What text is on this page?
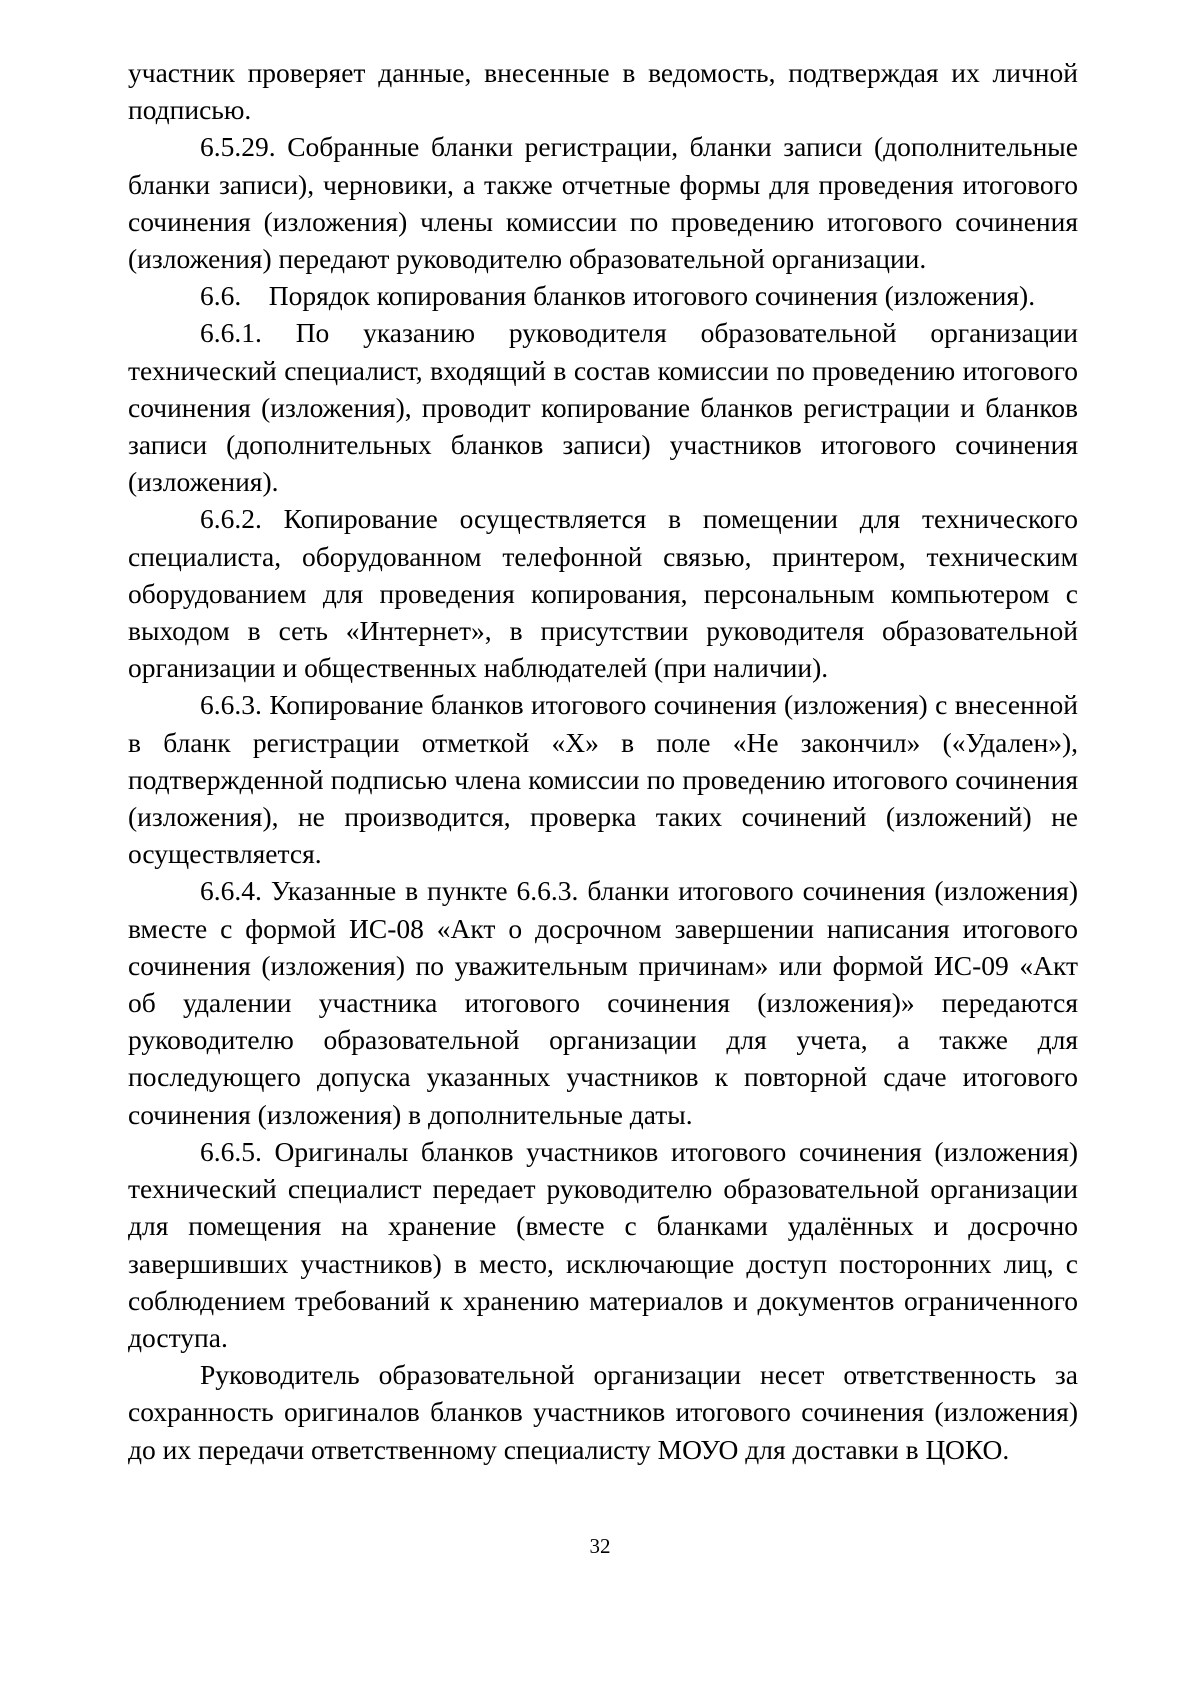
участник проверяет данные, внесенные в ведомость, подтверждая их личной подписью.

6.5.29. Собранные бланки регистрации, бланки записи (дополнительные бланки записи), черновики, а также отчетные формы для проведения итогового сочинения (изложения) члены комиссии по проведению итогового сочинения (изложения) передают руководителю образовательной организации.

6.6.  Порядок копирования бланков итогового сочинения (изложения).

6.6.1. По указанию руководителя образовательной организации технический специалист, входящий в состав комиссии по проведению итогового сочинения (изложения), проводит копирование бланков регистрации и бланков записи (дополнительных бланков записи) участников итогового сочинения (изложения).

6.6.2. Копирование осуществляется в помещении для технического специалиста, оборудованном телефонной связью, принтером, техническим оборудованием для проведения копирования, персональным компьютером с выходом в сеть «Интернет», в присутствии руководителя образовательной организации и общественных наблюдателей (при наличии).

6.6.3. Копирование бланков итогового сочинения (изложения) с внесенной в бланк регистрации отметкой «X» в поле «Не закончил» («Удален»), подтвержденной подписью члена комиссии по проведению итогового сочинения (изложения), не производится, проверка таких сочинений (изложений) не осуществляется.

6.6.4. Указанные в пункте 6.6.3. бланки итогового сочинения (изложения) вместе с формой ИС-08 «Акт о досрочном завершении написания итогового сочинения (изложения) по уважительным причинам» или формой ИС-09 «Акт об удалении участника итогового сочинения (изложения)» передаются руководителю образовательной организации для учета, а также для последующего допуска указанных участников к повторной сдаче итогового сочинения (изложения) в дополнительные даты.

6.6.5. Оригиналы бланков участников итогового сочинения (изложения) технический специалист передает руководителю образовательной организации для помещения на хранение (вместе с бланками удалённых и досрочно завершивших участников) в место, исключающие доступ посторонних лиц, с соблюдением требований к хранению материалов и документов ограниченного доступа.

Руководитель образовательной организации несет ответственность за сохранность оригиналов бланков участников итогового сочинения (изложения) до их передачи ответственному специалисту МОУО для доставки в ЦОКО.

32
